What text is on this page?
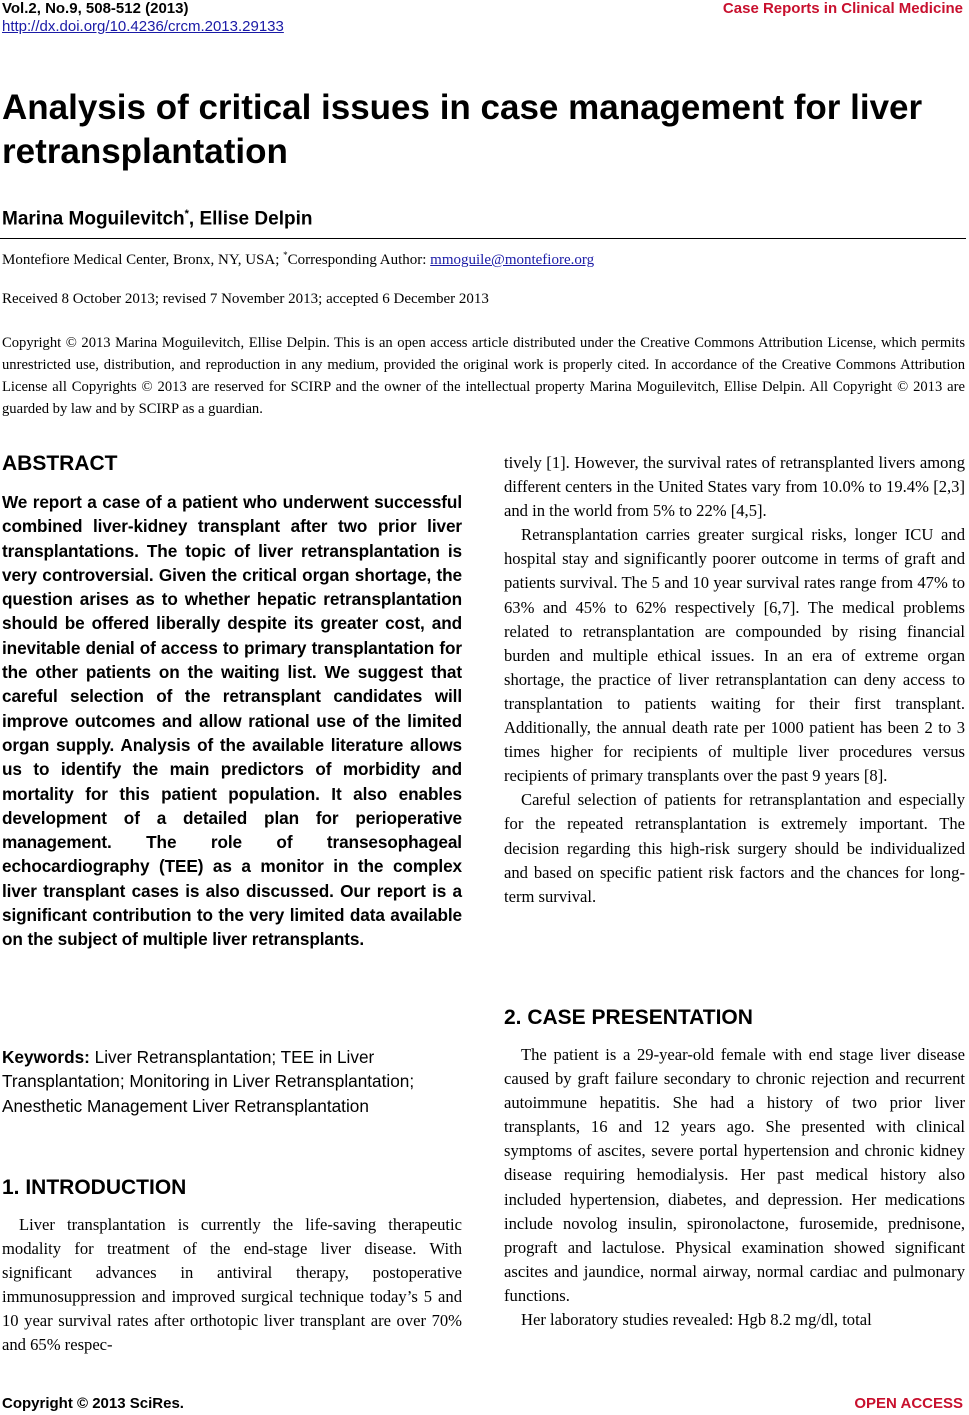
Vol.2, No.9, 508-512 (2013)
http://dx.doi.org/10.4236/crcm.2013.29133
Case Reports in Clinical Medicine
Analysis of critical issues in case management for liver retransplantation
Marina Moguilevitch*, Ellise Delpin
Montefiore Medical Center, Bronx, NY, USA; *Corresponding Author: mmoguile@montefiore.org
Received 8 October 2013; revised 7 November 2013; accepted 6 December 2013
Copyright © 2013 Marina Moguilevitch, Ellise Delpin. This is an open access article distributed under the Creative Commons Attribution License, which permits unrestricted use, distribution, and reproduction in any medium, provided the original work is properly cited. In accordance of the Creative Commons Attribution License all Copyrights © 2013 are reserved for SCIRP and the owner of the intellectual property Marina Moguilevitch, Ellise Delpin. All Copyright © 2013 are guarded by law and by SCIRP as a guardian.
ABSTRACT
We report a case of a patient who underwent successful combined liver-kidney transplant after two prior liver transplantations. The topic of liver retransplantation is very controversial. Given the critical organ shortage, the question arises as to whether hepatic retransplantation should be offered liberally despite its greater cost, and inevitable denial of access to primary transplantation for the other patients on the waiting list. We suggest that careful selection of the retransplant candidates will improve outcomes and allow rational use of the limited organ supply. Analysis of the available literature allows us to identify the main predictors of morbidity and mortality for this patient population. It also enables development of a detailed plan for perioperative management. The role of transesophageal echocardiography (TEE) as a monitor in the complex liver transplant cases is also discussed. Our report is a significant contribution to the very limited data available on the subject of multiple liver retransplants.
Keywords: Liver Retransplantation; TEE in Liver Transplantation; Monitoring in Liver Retransplantation; Anesthetic Management Liver Retransplantation
1. INTRODUCTION

Liver transplantation is currently the life-saving therapeutic modality for treatment of the end-stage liver disease. With significant advances in antiviral therapy, postoperative immunosuppression and improved surgical technique today’s 5 and 10 year survival rates after orthotopic liver transplant are over 70% and 65% respec-

tively [1]. However, the survival rates of retransplanted livers among different centers in the United States vary from 10.0% to 19.4% [2,3] and in the world from 5% to 22% [4,5].

Retransplantation carries greater surgical risks, longer ICU and hospital stay and significantly poorer outcome in terms of graft and patients survival. The 5 and 10 year survival rates range from 47% to 63% and 45% to 62% respectively [6,7]. The medical problems related to retransplantation are compounded by rising financial burden and multiple ethical issues. In an era of extreme organ shortage, the practice of liver retransplantation can deny access to transplantation to patients waiting for their first transplant. Additionally, the annual death rate per 1000 patient has been 2 to 3 times higher for recipients of multiple liver procedures versus recipients of primary transplants over the past 9 years [8].

Careful selection of patients for retransplantation and especially for the repeated retransplantation is extremely important. The decision regarding this high-risk surgery should be individualized and based on specific patient risk factors and the chances for long-term survival.

2. CASE PRESENTATION

The patient is a 29-year-old female with end stage liver disease caused by graft failure secondary to chronic rejection and recurrent autoimmune hepatitis. She had a history of two prior liver transplants, 16 and 12 years ago. She presented with clinical symptoms of ascites, severe portal hypertension and chronic kidney disease requiring hemodialysis. Her past medical history also included hypertension, diabetes, and depression. Her medications include novolog insulin, spironolactone, furosemide, prednisone, prograft and lactulose. Physical examination showed significant ascites and jaundice, normal airway, normal cardiac and pulmonary functions.

Her laboratory studies revealed: Hgb 8.2 mg/dl, total

Copyright © 2013 SciRes.	OPEN ACCESS
